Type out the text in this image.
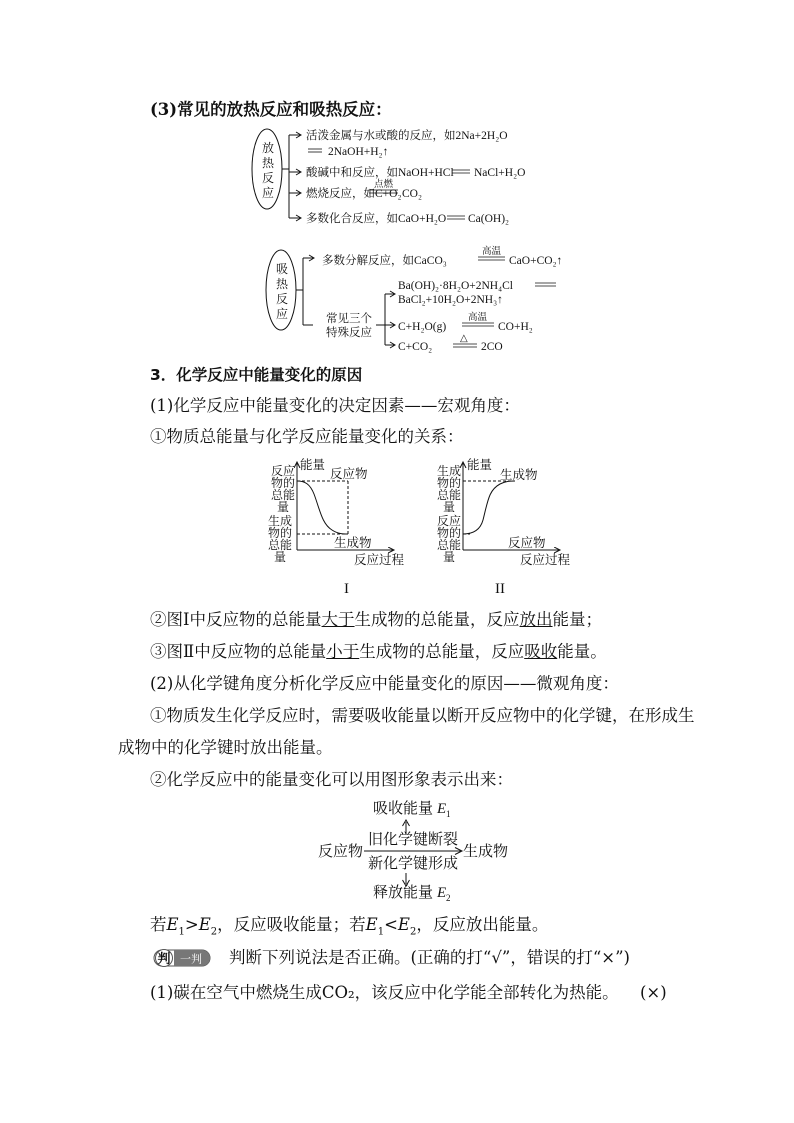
(3)常见的放热反应和吸热反应：
放
热
反
应
活泼金属与水或酸的反应，如2Na+2H₂O
2NaOH+H₂↑
酸碱中和反应，如NaOH+HCl NaCl+H₂O
燃烧反应，如C+O₂
点燃
CO₂
多数化合反应，如CaO+H₂O Ca(OH)₂
吸
热
反
应
多数分解反应，如CaCO₃
高温
CaO+CO₂↑
常见三个
特殊反应
Ba(OH)₂·8H₂O+2NH₄Cl
BaCl₂+10H₂O+2NH₃↑
C+H₂O(g)
高温
CO+H₂
C+CO₂
△
2CO
3．化学反应中能量变化的原因
(1)化学反应中能量变化的决定因素——宏观角度：
①物质总能量与化学反应能量变化的关系：
能量
反应物
生成物
反应过程
反应
物的
总能
量
生成
物的
总能
量
I
能量
生成物
反应物
反应过程
生成
物的
总能
量
反应
物的
总能
量
II
②图Ⅰ中反应物的总能量大于生成物的总能量，反应放出能量；
③图Ⅱ中反应物的总能量小于生成物的总能量，反应吸收能量。
(2)从化学键角度分析化学反应中能量变化的原因——微观角度：
①物质发生化学反应时，需要吸收能量以断开反应物中的化学键，在形成生
成物中的化学键时放出能量。
②化学反应中的能量变化可以用图形象表示出来：
吸收能量 E 1
旧化学键断裂
反应物	生成物
新化学键形成
释放能量 E 2
若$E_1>E_2$，反应吸收能量；若$E_1<E_2$，反应放出能量。
判 一判 判断下列说法是否正确。(正确的打“√”，错误的打“×”)
(1)碳在空气中燃烧生成CO₂，该反应中化学能全部转化为热能。 (×)
